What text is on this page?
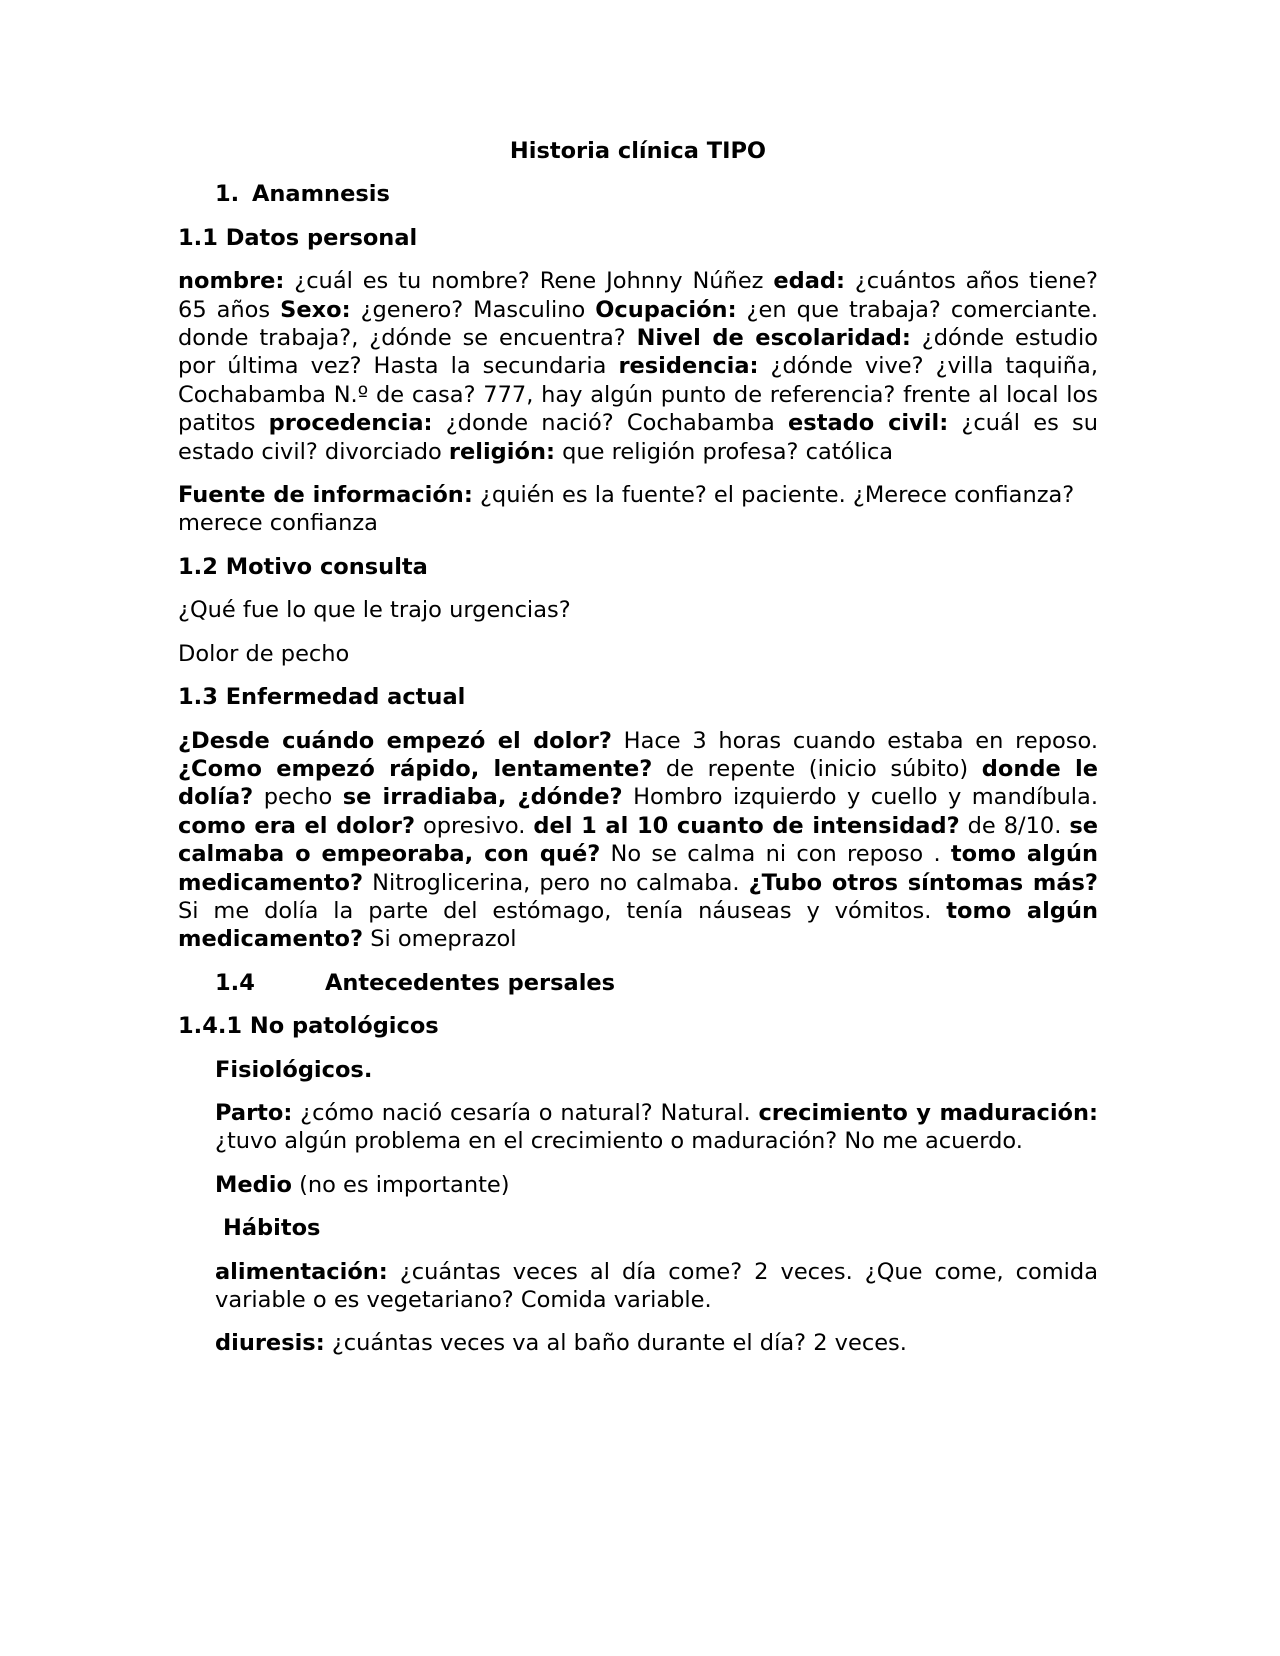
Historia clínica TIPO

1. Anamnesis

1.1 Datos personal

nombre: ¿cuál es tu nombre? Rene Johnny Núñez edad: ¿cuántos años tiene? 65 años Sexo: ¿genero? Masculino Ocupación: ¿en que trabaja? comerciante. donde trabaja?, ¿dónde se encuentra? Nivel de escolaridad: ¿dónde estudio por última vez? Hasta la secundaria residencia: ¿dónde vive? ¿villa taquiña, Cochabamba N.º de casa? 777, hay algún punto de referencia? frente al local los patitos procedencia: ¿donde nació? Cochabamba estado civil: ¿cuál es su estado civil? divorciado religión: que religión profesa? católica

Fuente de información: ¿quién es la fuente? el paciente. ¿Merece confianza? merece confianza

1.2 Motivo consulta

¿Qué fue lo que le trajo urgencias?

Dolor de pecho

1.3 Enfermedad actual

¿Desde cuándo empezó el dolor? Hace 3 horas cuando estaba en reposo. ¿Como empezó rápido, lentamente? de repente (inicio súbito) donde le dolía? pecho se irradiaba, ¿dónde? Hombro izquierdo y cuello y mandíbula. como era el dolor? opresivo. del 1 al 10 cuanto de intensidad? de 8/10. se calmaba o empeoraba, con qué? No se calma ni con reposo . tomo algún medicamento? Nitroglicerina, pero no calmaba. ¿Tubo otros síntomas más? Si me dolía la parte del estómago, tenía náuseas y vómitos. tomo algún medicamento? Si omeprazol

1.4	Antecedentes persales

1.4.1 No patológicos

Fisiológicos.

Parto: ¿cómo nació cesaría o natural? Natural. crecimiento y maduración: ¿tuvo algún problema en el crecimiento o maduración? No me acuerdo.

Medio (no es importante)

Hábitos

alimentación: ¿cuántas veces al día come? 2 veces. ¿Que come, comida variable o es vegetariano? Comida variable.

diuresis: ¿cuántas veces va al baño durante el día? 2 veces.
